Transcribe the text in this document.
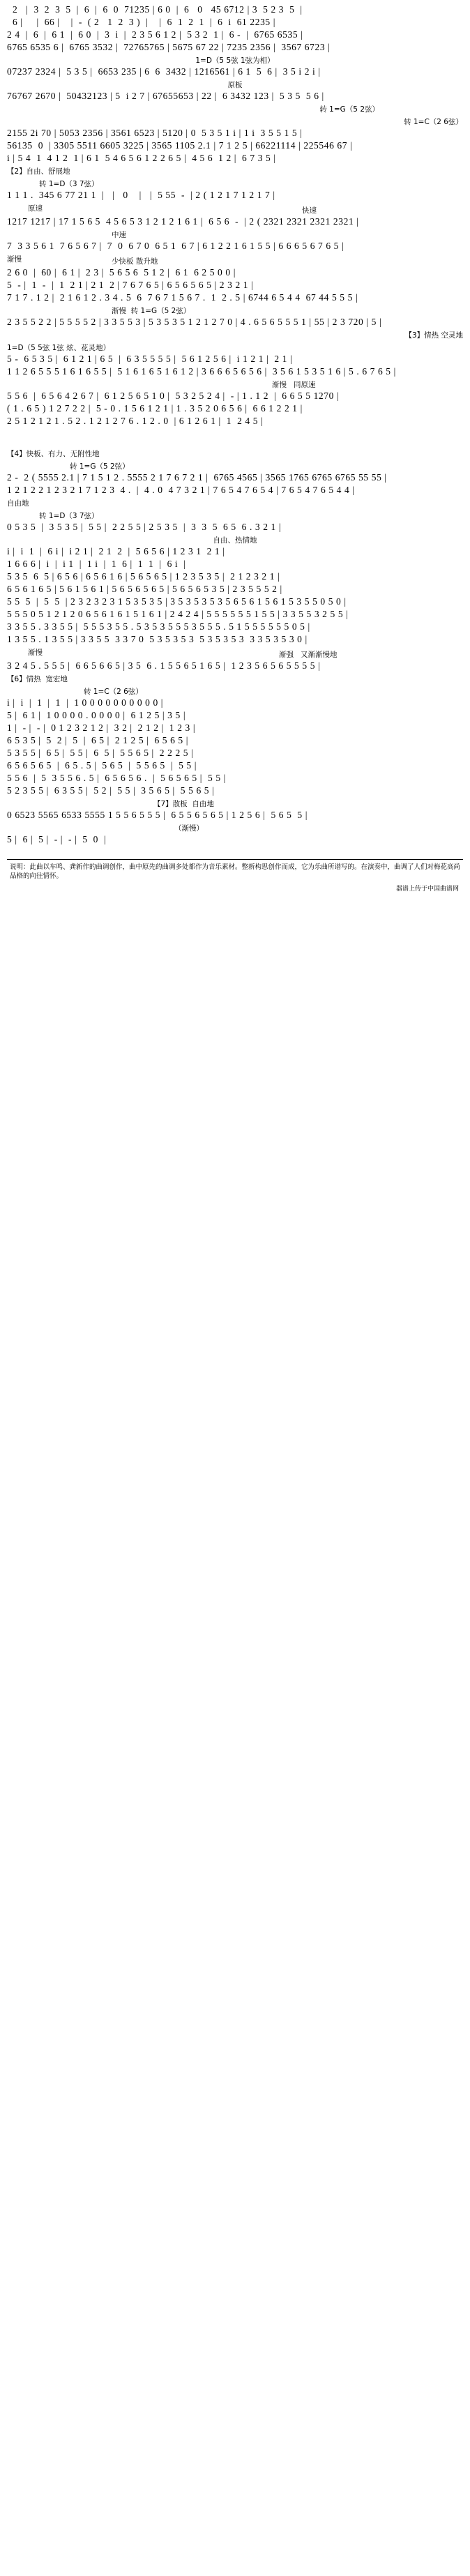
2   |  3  2  3  5  |  6  |  6  0  71235 | 6 0  |  6   0   45 6712 | 3  5 2 3  5  |
6 |     |  66 |    |  -  ( 2   1  2  3 )  |    |  6  1  2  1  |  6  i  61 2235 |
2 4  |  6  |  6 1  |  6 0  |  3  i  |  2 3 5 6 1 2 |  5 3 2  1 |  6 -  |  6765 6535 |
6765 6535 6 |  6765 3532 |  72765765 | 5675 67 22 | 7235 2356 |  3567 6723 |
1=D（5 5弦 1弦为相）
07237 2324 |  5 3 5 |  6653 235 | 6  6  3432 | 1216561 | 6 1  5  6 |  3 5 i 2 i |
原板
76767 2670 |  50432123 | 5  i 2 7 | 67655653 | 22 |  6 3432 123 |  5 3 5  5 6 |
转 1=G（5 2弦）
转 1=C（2 6弦）
2155 2i 70 | 5053 2356 | 3561 6523 | 5120 | 0  5 3 5 1 i | 1 i  3 5 5 1 5 |
56135  0  | 3305 5511 6605 3225 | 3565 1105 2.1 | 7 1 2 5 | 66221114 | 225546 67 |
i | 5 4  1  4 1 2  1 | 6 1  5 4 6 5 6 1 2 2 6 5 |  4 5 6  1 2 |  6 7 3 5 |
【2】自由、舒展地
转 1=D（3 7弦）
1 1 1 .  345 6 77 21 1  |   |   0    |   |  5 55  -  | 2 ( 1 2 1 7 1 2 1 7 |
原速	快速
1217 1217 | 17 1 5 6 5  4 5 6 5 3 1 2 1 2 1 6 1 |  6 5 6  -  | 2 ( 2321 2321 2321 2321 |
中速
7  3 3 5 6 1  7 6 5 6 7 |  7  0  6 7 0  6 5 1  6 7 | 6 1 2 2 1 6 1 5 5 | 6 6 6 5 6 7 6 5 |
渐慢	少快板 散升地
2 6 0  |  60 |  6 1 |  2 3 |  5 6 5 6  5 1 2 |  6 1  6 2 5 0 0 |
5  - |  1  -  |  1  2 1 | 2 1  2 | 7 6 7 6 5 | 6 5 6 5 6 5 | 2 3 2 1 |
7 1 7 . 1 2 |  2 1 6 1 2 . 3 4 . 5  6  7 6 7 1 5 6 7 .  1  2 . 5 | 6744 6 5 4 4  67 44 5 5 5 |
渐慢  转 1=G（5 2弦）
2 3 5 5 2 2 | 5 5 5 5 2 | 3 3 5 5 3 | 5 3 5 3 5 1 2 1 2 7 0 | 4 . 6 5 6 5 5 5 1 | 55 | 2 3 720 | 5 |
【3】情热 空灵地
1=D（5 5弦 1弦 炫、花灵地）
5 -  6 5 3 5 |  6 1 2 1 | 6 5  |  6 3 5 5 5 5 |  5 6 1 2 5 6 |  i 1 2 1 |  2 1 |
1 1 2 6 5 5 5 1 6 1 6 5 5 |  5 1 6 1 6 5 1 6 1 2 | 3 6 6 6 5 6 5 6 |  3 5 6 1 5 3 5 1 6 | 5 . 6 7 6 5 |
渐慢   同原速
5 5 6  |  6 5 6 4 2 6 7 |  6 1 2 5 6 5 1 0 |  5 3 2 5 2 4 |  - | 1 . 1 2  |  6 6 5 5 1270 |
( 1 . 6 5 ) 1 2 7 2 2 |  5 - 0 . 1 5 6 1 2 1 | 1 . 3 5 2 0 6 5 6 |  6 6 1 2 2 1 |
2 5 1 2 1 2 1 . 5 2 . 1 2 1 2 7 6 . 1 2 . 0  | 6 1 2 6 1 |  1  2 4 5 |
【4】快板、有力、无附性地
转 1=G（5 2弦）
2 -  2 ( 5555 2.1 | 7 1 5 1 2 . 5555 2 1 7 6 7 2 1 |  6765 4565 | 3565 1765 6765 6765 55 55 |
1 2 1 2 2 1 2 3 2 1 7 1 2 3  4 .  |  4 . 0  4 7 3 2 1 | 7 6 5 4 7 6 5 4 | 7 6 5 4 7 6 5 4 4 |
自由地
转 1=D（3 7弦）
0 5 3 5  |  3 5 3 5 |  5 5 |  2 2 5 5 | 2 5 3 5  |  3  3  5  6 5  6 . 3 2 1 |
自由、热情地
i |  i  1  |  6 i |  i 2 1 |  2 1  2  |  5 6 5 6 | 1 2 3 1  2 1 |
1 6 6 6 |  i  |  i 1  |  1 i  |  1  6 |  1  1  |  6 i  |
5 3 5  6  5 | 6 5 6 | 6 5 6 1 6 | 5 6 5 6 5 | 1 2 3 5 3 5 |  2 1 2 3 2 1 |
6 5 6 1 6 5 | 5 6 1 5 6 1 | 5 6 5 6 5 6 5 | 5 6 5 6 5 3 5 | 2 3 5 5 5 2 |
5 5  5  |  5  5  | 2 3 2 3 2 3 1 5 3 5 3 5 | 3 5 3 5 3 5 3 5 6 5 6 1 5 6 1 5 3 5 5 0 5 0 |
5 5 5 0 5 1 2 1 2 0 6 5 6 1 6 1 5 1 6 1 | 2 4 2 4 | 5 5 5 5 5 5 1 5 5 | 3 3 5 5 3 2 5 5 |
3 3 5 5 . 3 3 5 5 |  5 5 5 3 5 5 . 5 3 5 3 5 5 5 3 5 5 5 . 5 1 5 5 5 5 5 5 0 5 |
1 3 5 5 . 1 3 5 5 | 3 3 5 5  3 3 7 0  5 3 5 3 5 3  5 3 5 3 5 3  3 3 5 3 5 3 0 |
渐慢	渐强   又渐渐慢地
3 2 4 5 . 5 5 5 |  6 6 5 6 6 5 | 3 5  6 . 1 5 5 6 5 1 6 5 |  1 2 3 5 6 5 6 5 5 5 5 |
【6】情热  宽宏地
转 1=C（2 6弦）
i |  i  |  1  |  1  |  1 0 0 0 0 0 0 0 0 0 0 |
5 |  6 1 |  1 0 0 0 0 . 0 0 0 0 |  6 1 2 5 | 3 5 |
1 |  - |  - |  0 1 2 3 2 1 2 |  3 2 |  2 1 2 |  1 2 3 |
6 5 3 5 |  5  2 |  5  |  6 5 |  2 1 2 5 |  6 5 6 5 |
5 3 5 5 |  6 5 |  5 5 |  6  5 |  5 5 6 5 |  2 2 2 5 |
6 5 6 5 6 5  |  6 5 . 5 |  5 6 5  |  5 5 6 5  |  5 5 |
5 5 6  |  5  3 5 5 6 . 5 |  6 5 6 5 6 .  |  5 6 5 6 5 |  5 5 |
5 2 3 5 5 |  6 3 5 5 |  5 2 |  5 5 |  3 5 6 5 |  5 5 6 5 |
【7】散板  自由地
0 6523 5565 6533 5555 1 5 5 6 5 5 5 |  6 5 5 6 5 6 5 | 1 2 5 6 |  5 6 5  5 |
（渐慢）
5 |  6 |  5 |  - |  - |  5  0  |
说明：此曲以车鸣、龚新作的曲调创作，曲中原先的曲调多处都作为音乐素材。整新构思创作而成，它为乐曲所谱写的。在演奏中，曲调了人们对梅花高尚品格的向往情怀。
器谱上传于中国曲谱网
